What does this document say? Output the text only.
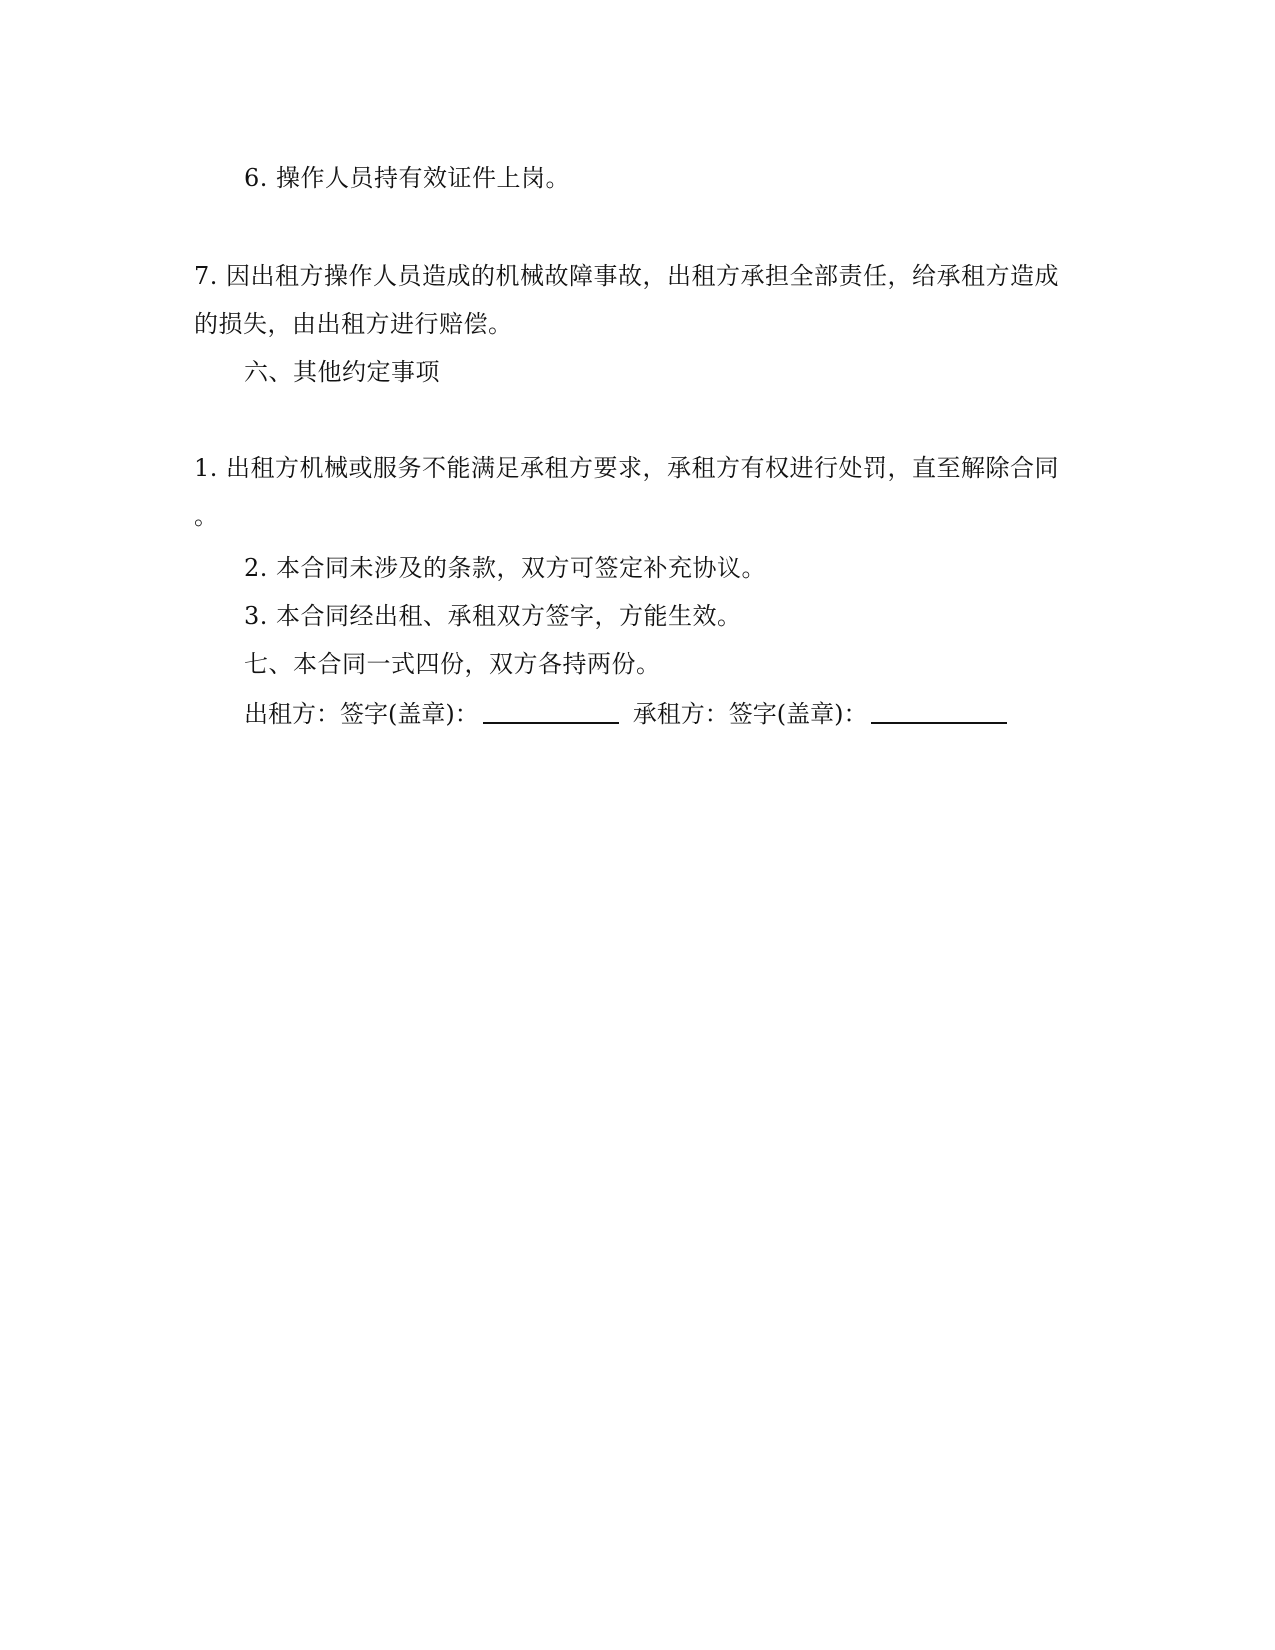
6. 操作人员持有效证件上岗。
7. 因出租方操作人员造成的机械故障事故，出租方承担全部责任，给承租方造成
的损失，由出租方进行赔偿。
六、其他约定事项
1. 出租方机械或服务不能满足承租方要求，承租方有权进行处罚，直至解除合同
。
2. 本合同未涉及的条款，双方可签定补充协议。
3. 本合同经出租、承租双方签字，方能生效。
七、本合同一式四份，双方各持两份。
出租方：签字(盖章)：	承租方：签字(盖章)：
